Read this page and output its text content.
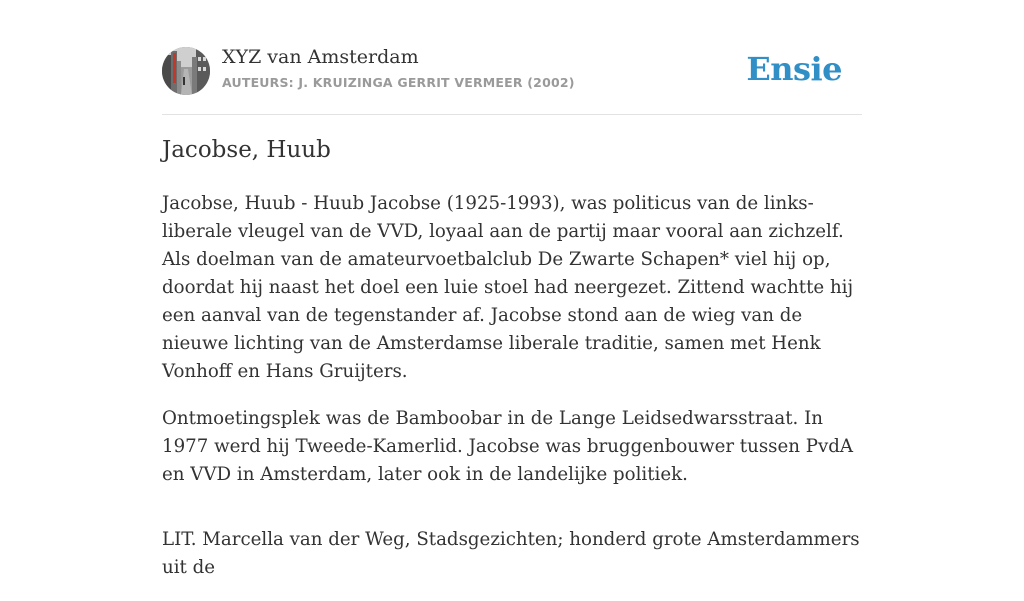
XYZ van Amsterdam
AUTEURS: J. KRUIZINGA GERRIT VERMEER (2002)	Ensie
Jacobse, Huub

Jacobse, Huub - Huub Jacobse (1925-1993), was politicus van de links-liberale vleugel van de VVD, loyaal aan de partij maar vooral aan zichzelf. Als doelman van de amateurvoetbalclub De Zwarte Schapen* viel hij op, doordat hij naast het doel een luie stoel had neergezet. Zittend wachtte hij een aanval van de tegenstander af. Jacobse stond aan de wieg van de nieuwe lichting van de Amsterdamse liberale traditie, samen met Henk Vonhoff en Hans Gruijters.

Ontmoetingsplek was de Bamboobar in de Lange Leidsedwarsstraat. In 1977 werd hij Tweede-Kamerlid. Jacobse was bruggenbouwer tussen PvdA en VVD in Amsterdam, later ook in de landelijke politiek.

LIT. Marcella van der Weg, Stadsgezichten; honderd grote Amsterdammers uit de
